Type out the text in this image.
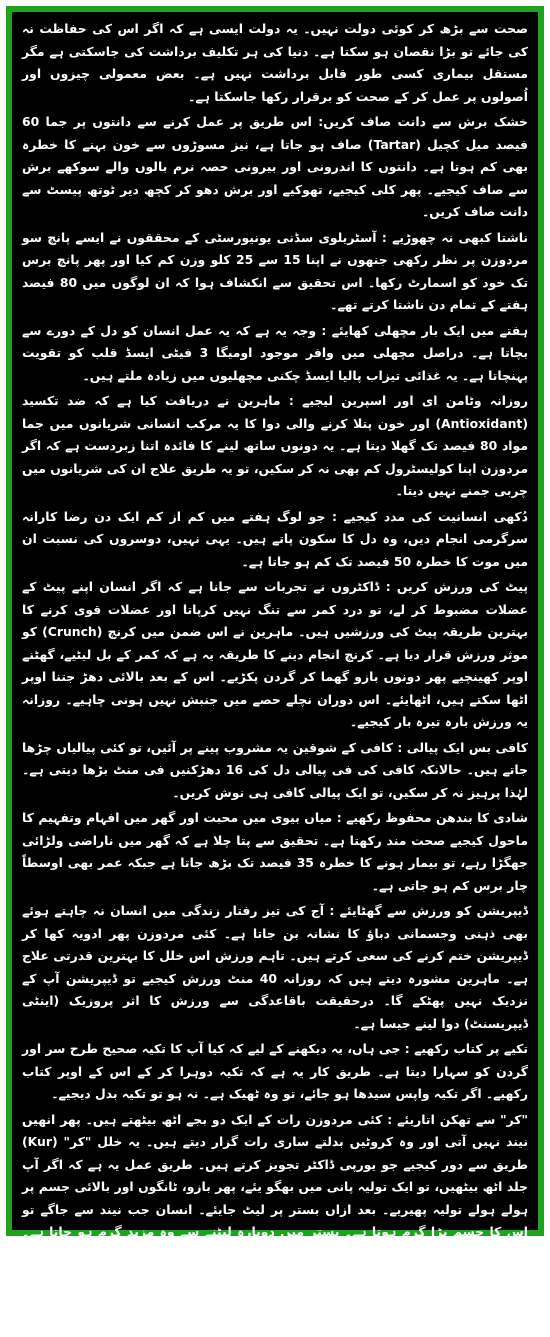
صحت سے بڑھ کر کوئی دولت نہیں۔ یہ دولت ایسی ہے کہ اگر اس کی حفاظت نہ کی جائے تو بڑا نقصان ہو سکتا ہے۔ دنیا کی ہر تکلیف برداشت کی جاسکتی ہے مگر مستقل بیماری کسی طور قابل برداشت نہیں ہے۔ بعض معمولی چیزوں اور اُصولوں پر عمل کر کے صحت کو برقرار رکھا جاسکتا ہے۔

خشک برش سے دانت صاف کریں: اس طریق پر عمل کرنے سے دانتوں پر جما 60 فیصد میل کچیل (Tartar) صاف ہو جاتا ہے، نیز مسوڑوں سے خون بہنے کا خطرہ بھی کم ہوتا ہے۔ دانتوں کا اندرونی اور بیرونی حصہ نرم بالوں والے سوکھے برش سے صاف کیجیے۔ پھر کلی کیجیے، تھوکیے اور برش دھو کر کچھ دیر ٹوتھ پیسٹ سے دانت صاف کریں۔

ناشتا کبھی نہ چھوڑیے : آسٹریلوی سڈنی یونیورسٹی کے محققوں نے ایسے پانچ سو مردوزن پر نظر رکھی جنھوں نے اپنا 15 سے 25 کلو وزن کم کیا اور پھر پانچ برس تک خود کو اسمارٹ رکھا۔ اس تحقیق سے انکشاف ہوا کہ ان لوگوں میں 80 فیصد ہفتے کے تمام دن ناشتا کرتے تھے۔

ہفتے میں ایک بار مچھلی کھایئے : وجہ یہ ہے کہ یہ عمل انسان کو دل کے دورے سے بچاتا ہے۔ دراصل مچھلی میں وافر موجود اومیگا 3 فیٹی ایسڈ قلب کو تقویت پہنچاتا ہے۔ یہ غذائی تیزاب پالیا ایسڈ چکنی مچھلیوں میں زیادہ ملتے ہیں۔

روزانہ وٹامن ای اور اسپرین لیجیے : ماہرین نے دریافت کیا ہے کہ ضد تکسید (Antioxidant) اور خون پتلا کرنے والی دوا کا یہ مرکب انسانی شریانوں میں جما مواد 80 فیصد تک گھلا دیتا ہے۔ یہ دونوں ساتھ لینے کا فائدہ اتنا زبردست ہے کہ اگر مردوزن اپنا کولیسٹرول کم بھی نہ کر سکیں، تو یہ طریق علاج ان کی شریانوں میں چربی جمنے نہیں دیتا۔

دُکھی انسانیت کی مدد کیجیے : جو لوگ ہفتے میں کم از کم ایک دن رضا کارانہ سرگرمی انجام دیں، وہ دل کا سکون پاتے ہیں۔ یہی نہیں، دوسروں کی نسبت ان میں موت کا خطرہ 50 فیصد تک کم ہو جاتا ہے۔

پیٹ کی ورزش کریں : ڈاکٹروں نے تجربات سے جانا ہے کہ اگر انسان اپنے پیٹ کے عضلات مضبوط کر لے، تو درد کمر سے تنگ نہیں کرپاتا اور عضلات قوی کرنے کا بہترین طریقہ پیٹ کی ورزشیں ہیں۔ ماہرین نے اس ضمن میں کرنچ (Crunch) کو موثر ورزش قرار دیا ہے۔ کرنچ انجام دینے کا طریقہ یہ ہے کہ کمر کے بل لیٹیے، گھٹنے اوپر کھینچیے پھر دونوں بازو گھما کر گردن پکڑیے۔ اس کے بعد بالائی دھڑ جتنا اوپر اٹھا سکتے ہیں، اٹھایئے۔ اس دوران نچلے حصے میں جنبش نہیں ہونی چاہیے۔ روزانہ یہ ورزش بارہ تیرہ بار کیجیے۔

کافی بس ایک پیالی : کافی کے شوقین یہ مشروب پینے پر آئیں، تو کئی پیالیاں چڑھا جاتے ہیں۔ حالانکہ کافی کی فی پیالی دل کی 16 دھڑکنیں فی منٹ بڑھا دیتی ہے۔ لہٰذا پرہیز نہ کر سکیں، تو ایک پیالی کافی ہی نوش کریں۔

شادی کا بندھن محفوظ رکھیے : میاں بیوی میں محبت اور گھر میں افہام وتفہیم کا ماحول کیجیے صحت مند رکھتا ہے۔ تحقیق سے پتا چلا ہے کہ گھر میں ناراضی ولڑائی جھگڑا رہے، تو بیمار ہونے کا خطرہ 35 فیصد تک بڑھ جاتا ہے جبکہ عمر بھی اوسطاً چار برس کم ہو جاتی ہے۔

ڈیپریشن کو ورزش سے گھٹایئے : آج کی تیز رفتار زندگی میں انسان نہ چاہتے ہوئے بھی ذہنی وجسمانی دباؤ کا نشانہ بن جاتا ہے۔ کئی مردوزن پھر ادویہ کھا کر ڈیپریشن ختم کرنے کی سعی کرتے ہیں۔ تاہم ورزش اس خلل کا بہترین قدرتی علاج ہے۔ ماہرین مشورہ دیتے ہیں کہ روزانہ 40 منٹ ورزش کیجیے تو ڈیپریشن آپ کے نزدیک نہیں پھٹکے گا۔ درحقیقت باقاعدگی سے ورزش کا اثر پروزیک (اینٹی ڈیپریسنٹ) دوا لینے جیسا ہے۔

تکیے پر کتاب رکھیے : جی ہاں، یہ دیکھنے کے لیے کہ کیا آپ کا تکیہ صحیح طرح سر اور گردن کو سہارا دیتا ہے۔ طریق کار یہ ہے کہ تکیہ دوہرا کر کے اس کے اوپر کتاب رکھیے۔ اگر تکیہ واپس سیدھا ہو جائے، تو وہ ٹھیک ہے۔ نہ ہو تو تکیہ بدل دیجیے۔

"کر" سے تھکن اتاریئے : کئی مردوزن رات کے ایک دو بجے اٹھ بیٹھتے ہیں۔ پھر انھیں نیند نہیں آتی اور وہ کروٹیں بدلتے ساری رات گزار دیتے ہیں۔ یہ خلل "کر" (Kur) طریق سے دور کیجیے جو یورپی ڈاکٹر تجویز کرتے ہیں۔ طریق عمل یہ ہے کہ اگر آپ جلد اٹھ بیٹھیں، تو ایک تولیہ پانی میں بھگو یئے، پھر بازو، ٹانگوں اور بالائی جسم پر ہولے ہولے تولیہ پھیریے۔ بعد ازاں بستر پر لیٹ جایئے۔ انسان جب نیند سے جاگے تو اس کا جسم بڑا گرم ہوتا ہے۔ بستر میں دوبارہ لیٹنے سے وہ مزید گرم ہو جاتا ہے۔ چناں چہ تب گہری اور میٹھی نیند آتی ہے۔

لیٹ کر اللہ کے ناموں کا ورد کیجیے : جلد ہی جلد کو آرام اور آنکھوں کو سکون محسوس ہوگا۔ عام تجربہ یہ ہے کہ نیند نہ بھی آرہی ہو تو شیطان اللہ کے ناموں سے گھبرا کر انسان کو لوری دے کر سلا دیتا ہے۔ آپ بھی لوری کا مزہ لے کر دیکھیے۔
